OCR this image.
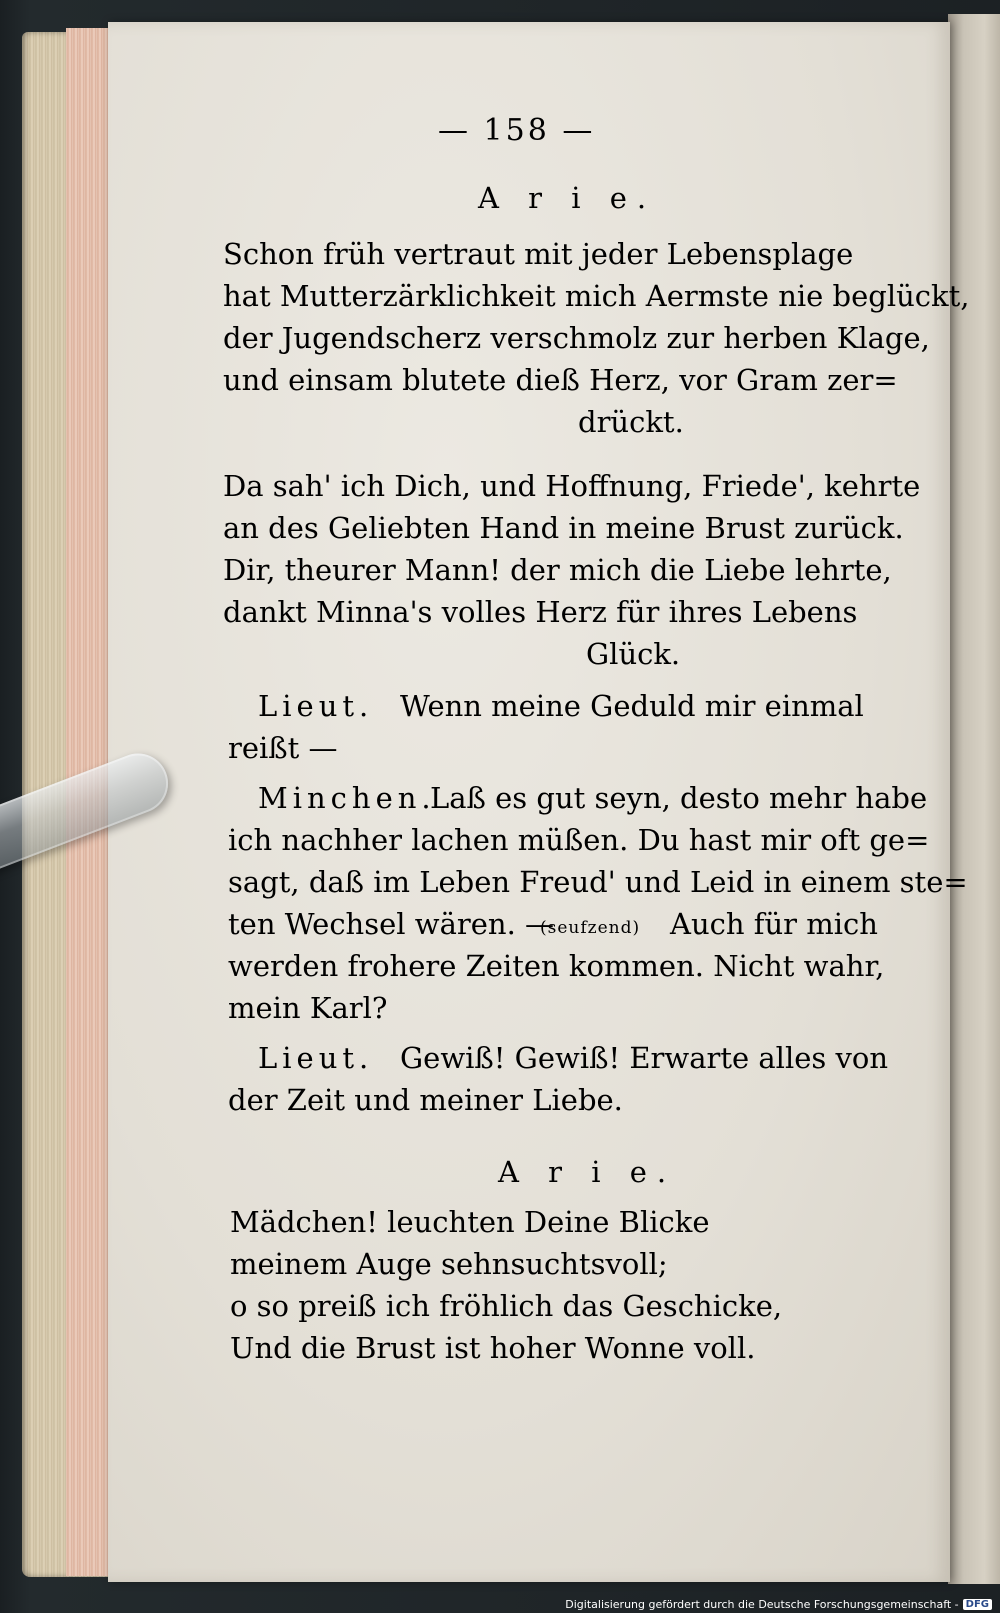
— 158 —
A r i e.
Schon früh vertraut mit jeder Lebensplage
hat Mutterzärklichkeit mich Aermste nie beglückt,
der Jugendscherz verschmolz zur herben Klage,
und einsam blutete dieß Herz, vor Gram zer=
drückt.
Da sah' ich Dich, und Hoffnung, Friede', kehrte
an des Geliebten Hand in meine Brust zurück.
Dir, theurer Mann! der mich die Liebe lehrte,
dankt Minna's volles Herz für ihres Lebens
Glück.
Lieut. Wenn meine Geduld mir einmal
reißt —
Minchen.
Laß es gut seyn, desto mehr habe
ich nachher lachen müßen. Du hast mir oft ge=
sagt, daß im Leben Freud' und Leid in einem ste=
ten Wechsel wären. —
(seufzend) Auch für mich
werden frohere Zeiten kommen. Nicht wahr,
mein Karl?
Lieut. Gewiß! Gewiß! Erwarte alles von
der Zeit und meiner Liebe.
A r i e.
Mädchen! leuchten Deine Blicke
meinem Auge sehnsuchtsvoll;
o so preiß ich fröhlich das Geschicke,
Und die Brust ist hoher Wonne voll.
Digitalisierung gefördert durch die Deutsche Forschungsgemeinschaft - DFG
